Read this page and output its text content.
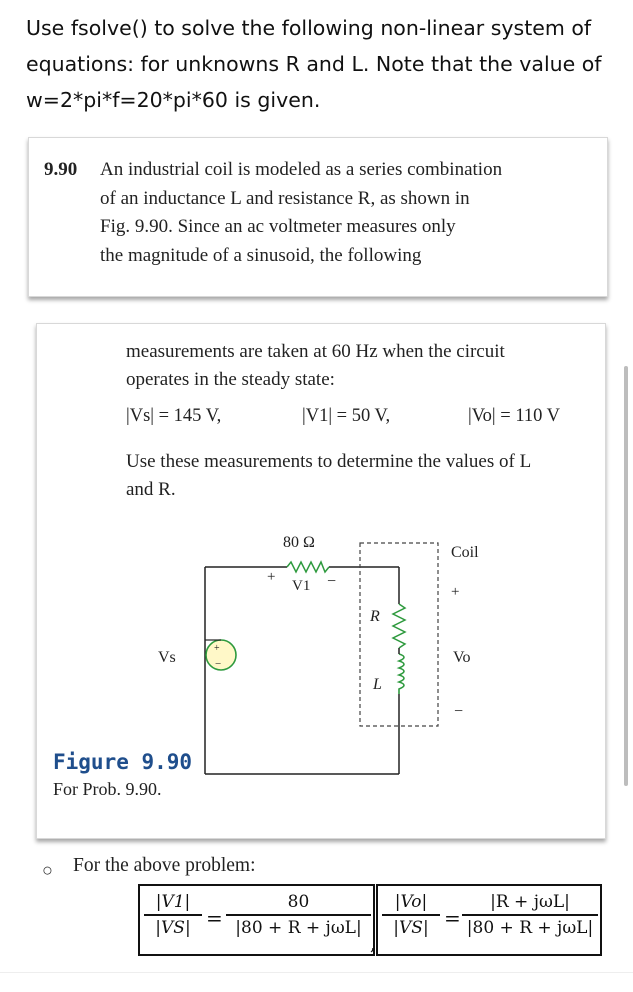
Use fsolve() to solve the following non-linear system of
equations: for unknowns R and L. Note that the value of
w=2*pi*f=20*pi*60 is given.
9.90 An industrial coil is modeled as a series combination
of an inductance L and resistance R, as shown in
Fig. 9.90. Since an ac voltmeter measures only
the magnitude of a sinusoid, the following
measurements are taken at 60 Hz when the circuit
operates in the steady state:
|Vs| = 145 V,	|V1| = 50 V,	|Vo| = 110 V
Use these measurements to determine the values of L
and R.
+
−
80 Ω
+
V1 −
Vs
R
L
Coil
+
Vo
−
Figure 9.90
For Prob. 9.90.
○ For the above problem:
$\frac{|V1|}{|VS|}$ =
80
|80 + R + jωL|	$\frac{|Vo|}{|VS|}$ =
|R + jωL|
|80 + R + jωL|
,
